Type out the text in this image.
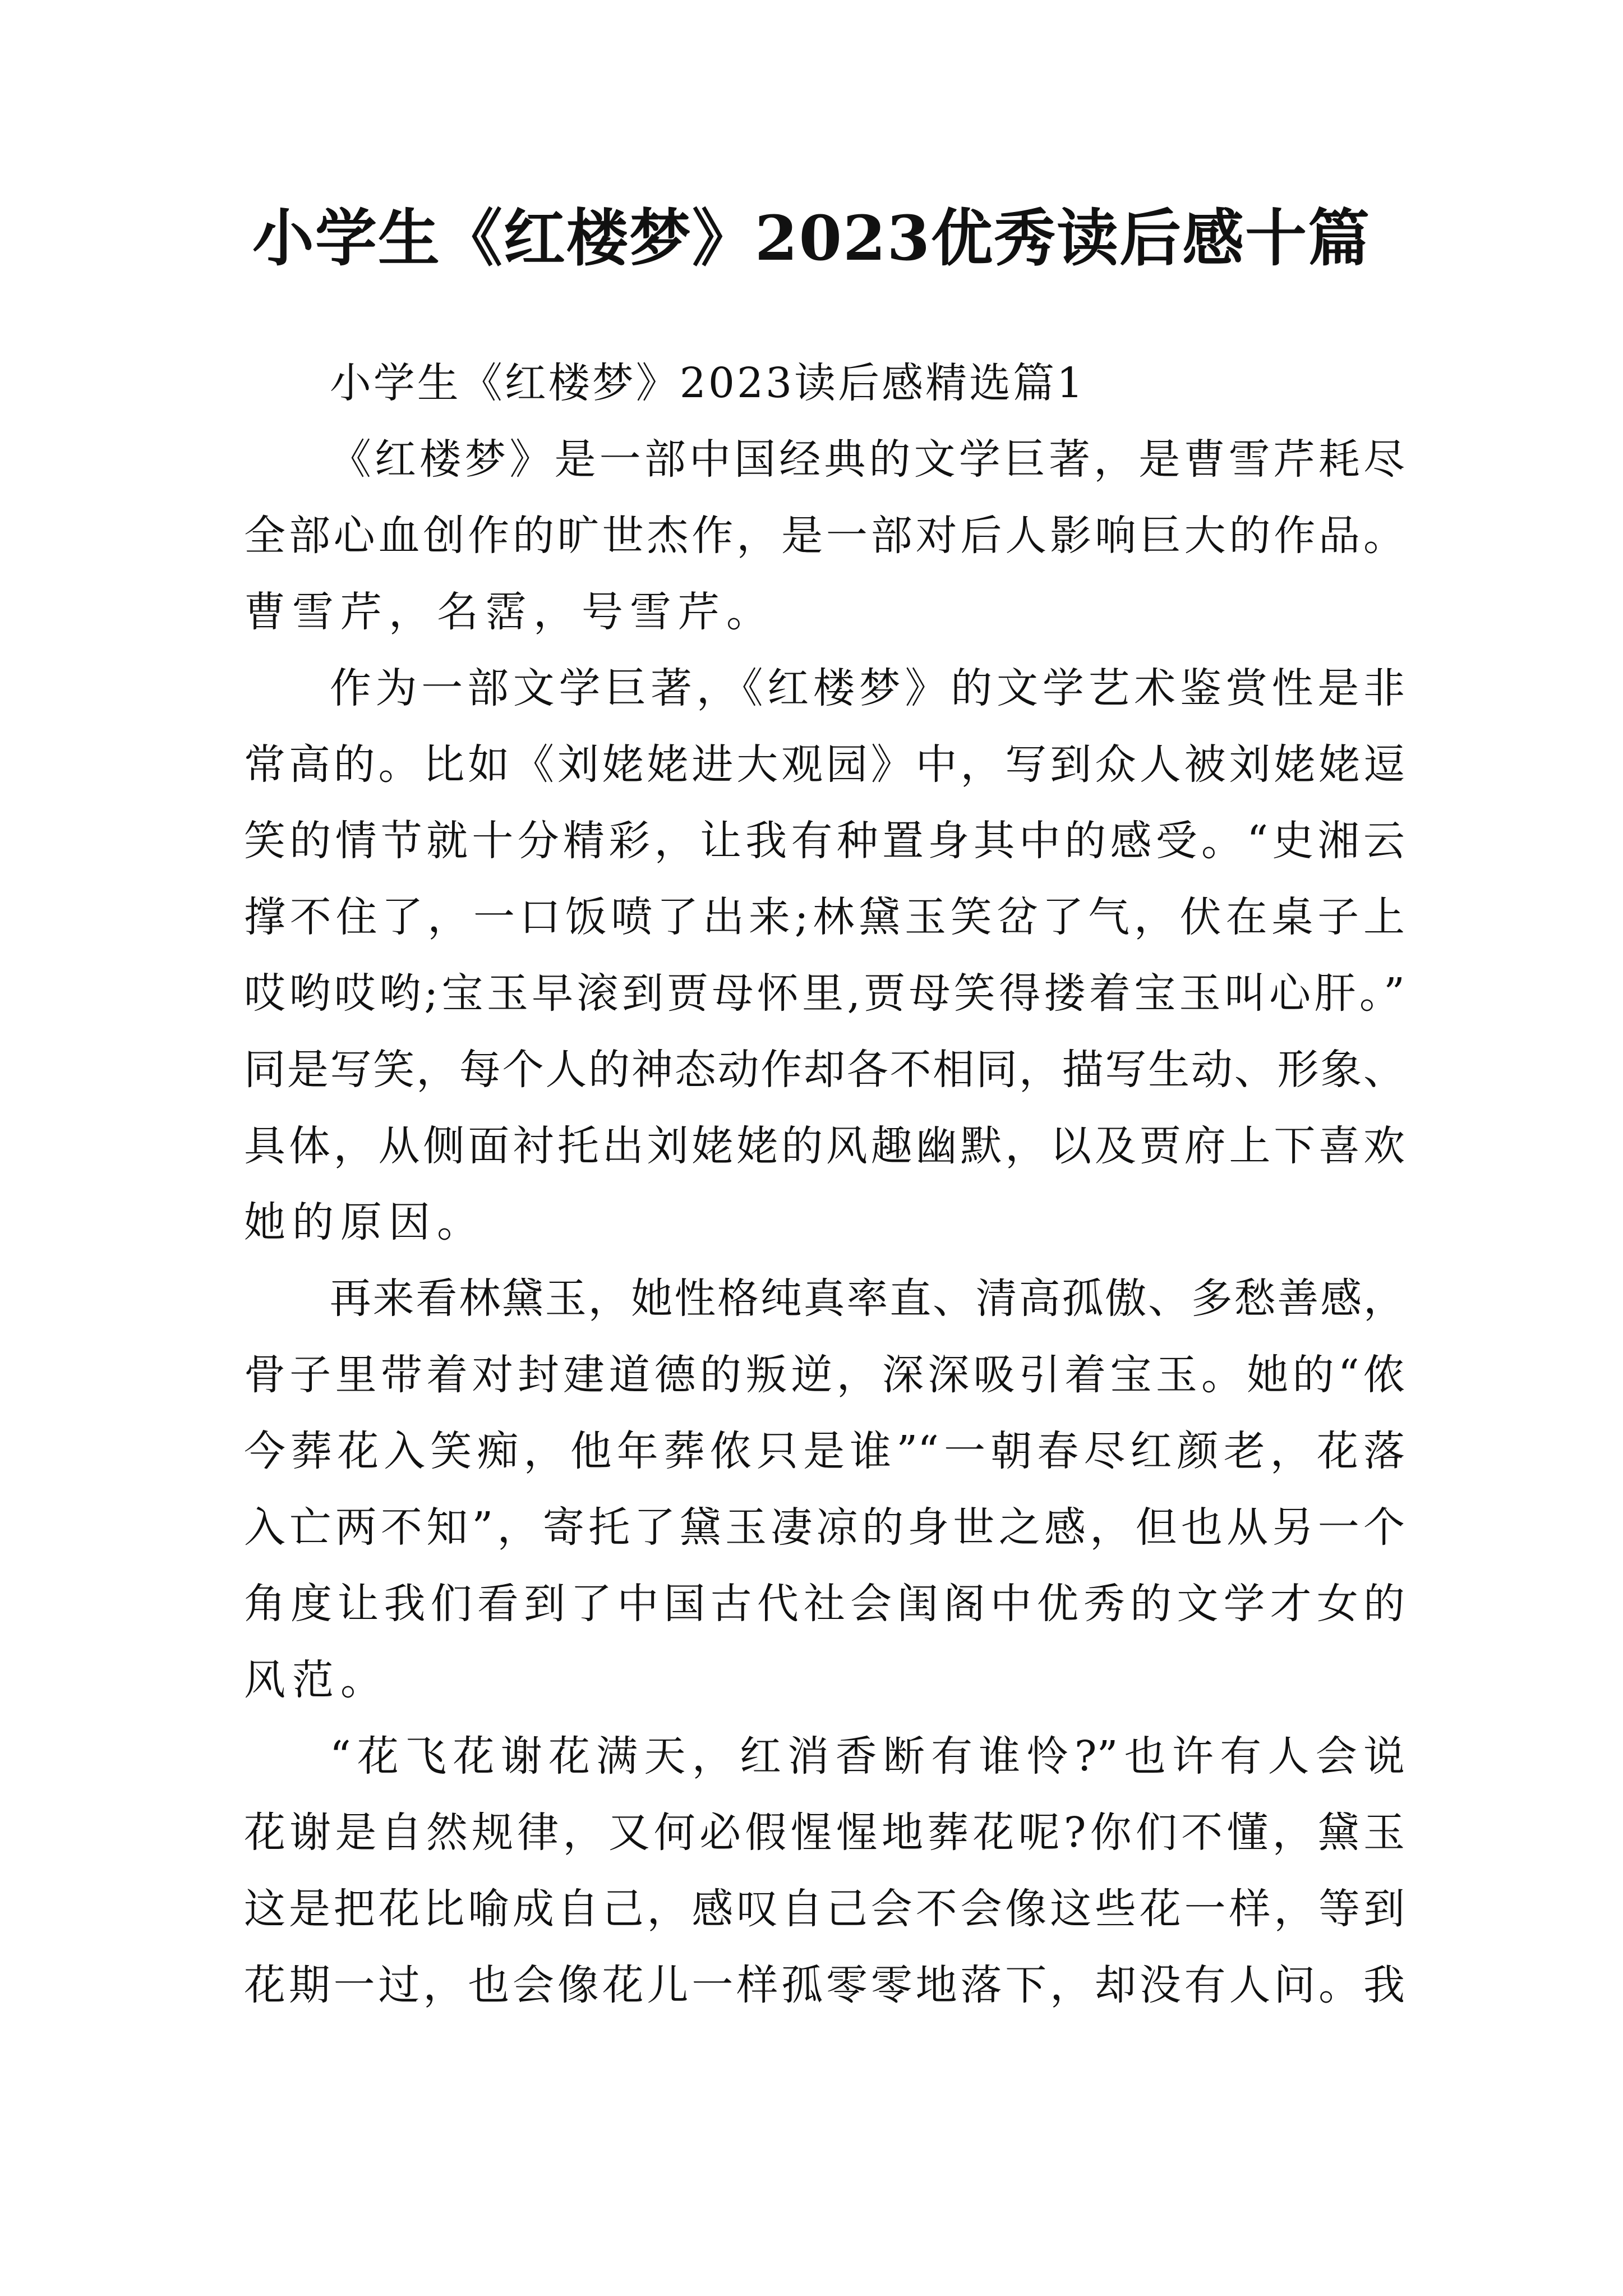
小学生《红楼梦》2023优秀读后感十篇
小学生《红楼梦》2023读后感精选篇1
《红楼梦》是一部中国经典的文学巨著，是曹雪芹耗尽
全部心血创作的旷世杰作，是一部对后人影响巨大的作品。
曹雪芹，名霑，号雪芹。
作为一部文学巨著，《红楼梦》的文学艺术鉴赏性是非
常高的。比如《刘姥姥进大观园》中，写到众人被刘姥姥逗
笑的情节就十分精彩，让我有种置身其中的感受。“史湘云
撑不住了，一口饭喷了出来;林黛玉笑岔了气，伏在桌子上
哎哟哎哟;宝玉早滚到贾母怀里,贾母笑得搂着宝玉叫心肝。”
同是写笑，每个人的神态动作却各不相同，描写生动、形象、
具体，从侧面衬托出刘姥姥的风趣幽默，以及贾府上下喜欢
她的原因。
再来看林黛玉，她性格纯真率直、清高孤傲、多愁善感，
骨子里带着对封建道德的叛逆，深深吸引着宝玉。她的“侬
今葬花入笑痴，他年葬侬只是谁”“一朝春尽红颜老，花落
入亡两不知”，寄托了黛玉凄凉的身世之感，但也从另一个
角度让我们看到了中国古代社会闺阁中优秀的文学才女的
风范。
“花飞花谢花满天，红消香断有谁怜?”也许有人会说
花谢是自然规律，又何必假惺惺地葬花呢?你们不懂，黛玉
这是把花比喻成自己，感叹自己会不会像这些花一样，等到
花期一过，也会像花儿一样孤零零地落下，却没有人问。我
